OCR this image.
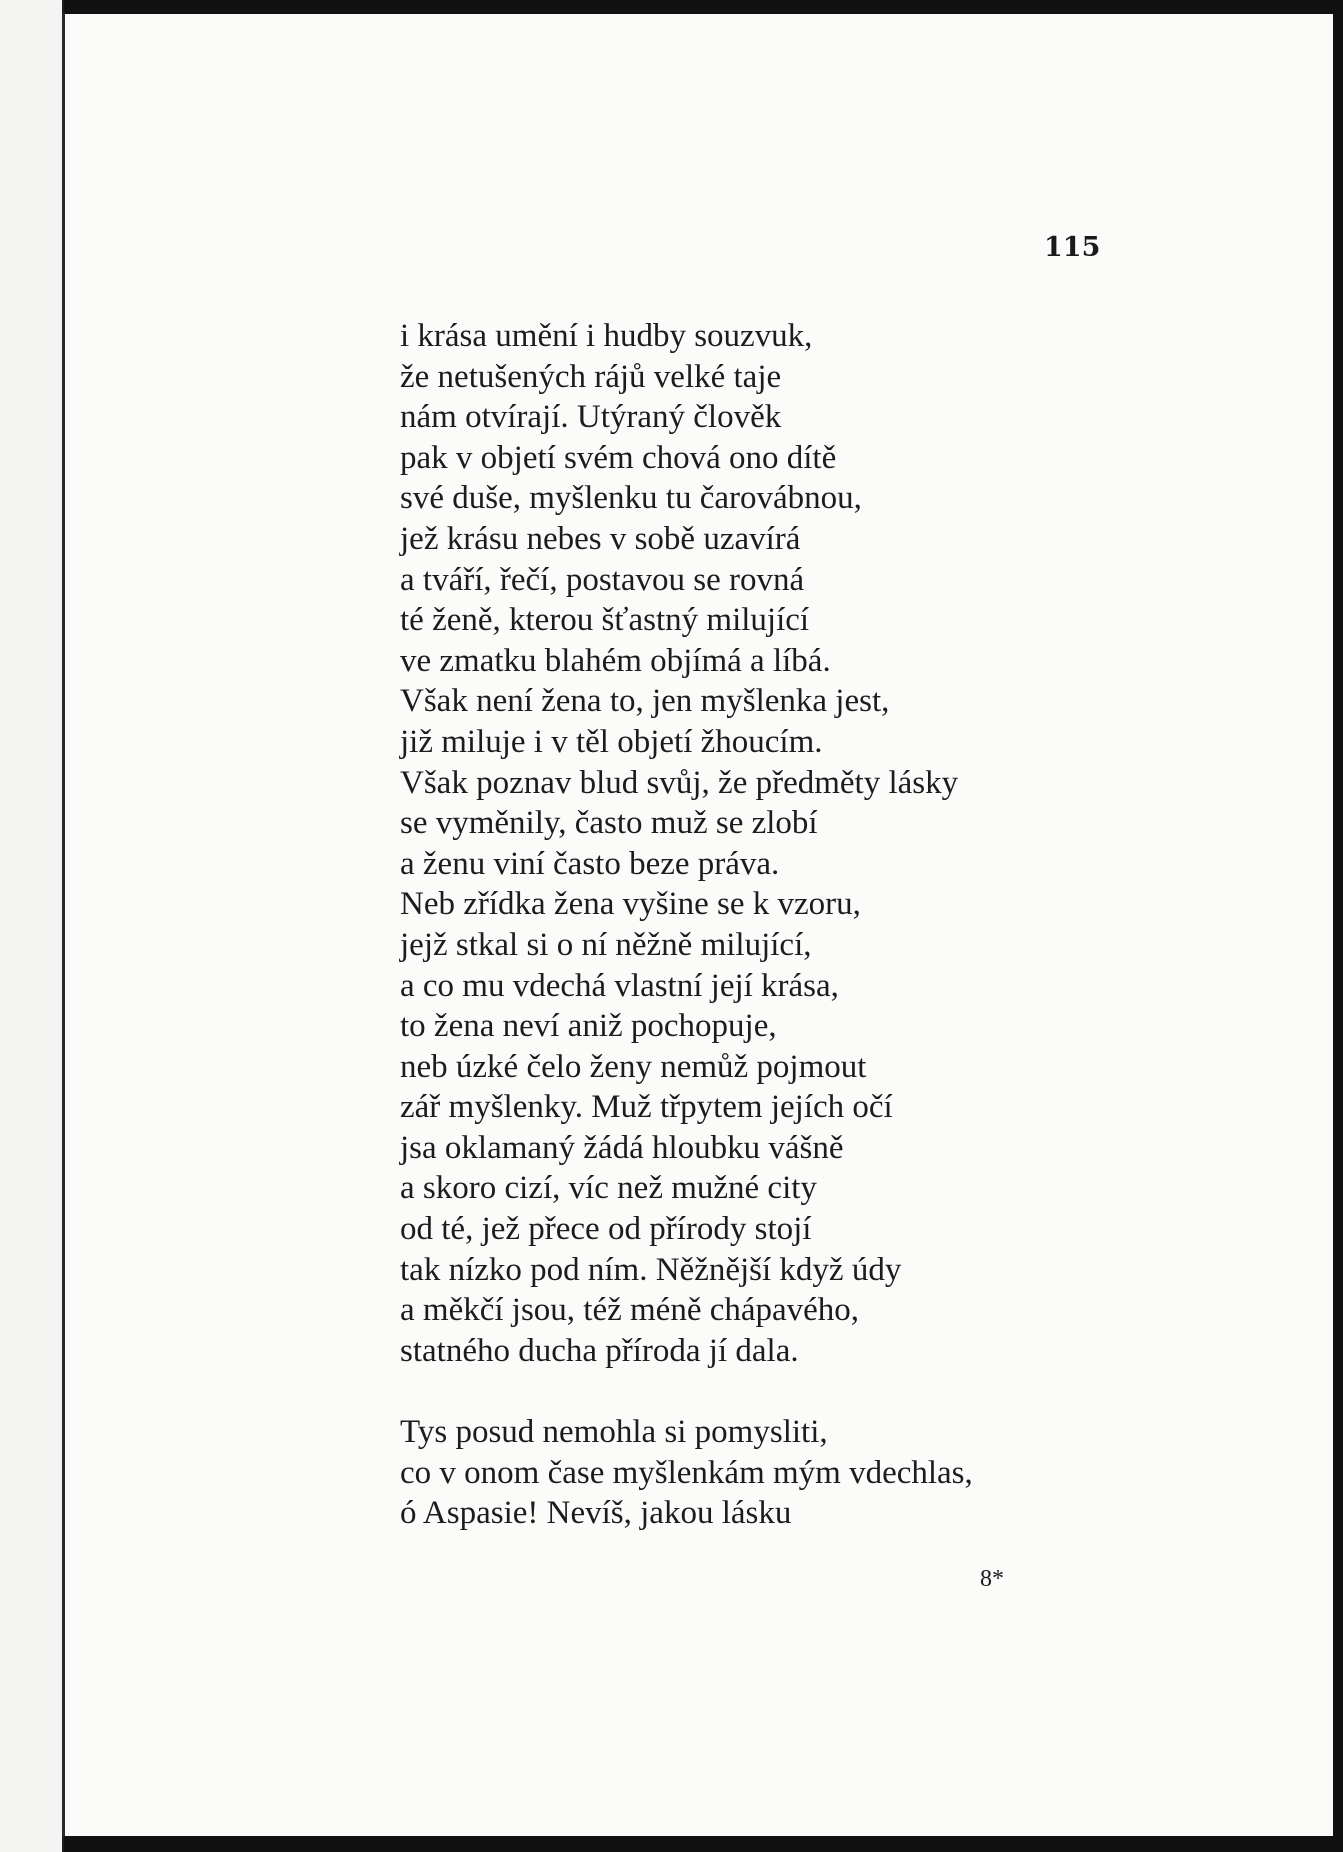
115
i krása umění i hudby souzvuk,
že netušených rájů velké taje
nám otvírají. Utýraný člověk
pak v objetí svém chová ono dítě
své duše, myšlenku tu čarovábnou,
jež krásu nebes v sobě uzavírá
a tváří, řečí, postavou se rovná
té ženě, kterou šťastný milující
ve zmatku blahém objímá a líbá.
Však není žena to, jen myšlenka jest,
již miluje i v těl objetí žhoucím.
Však poznav blud svůj, že předměty lásky
se vyměnily, často muž se zlobí
a ženu viní často beze práva.
Neb zřídka žena vyšine se k vzoru,
jejž stkal si o ní něžně milující,
a co mu vdechá vlastní její krása,
to žena neví aniž pochopuje,
neb úzké čelo ženy nemůž pojmout
zář myšlenky. Muž třpytem jejích očí
jsa oklamaný žádá hloubku vášně
a skoro cizí, víc než mužné city
od té, jež přece od přírody stojí
tak nízko pod ním. Něžnější když údy
a měkčí jsou, též méně chápavého,
statného ducha příroda jí dala.
Tys posud nemohla si pomysliti,
co v onom čase myšlenkám mým vdechlas,
ó Aspasie! Nevíš, jakou lásku
8*
